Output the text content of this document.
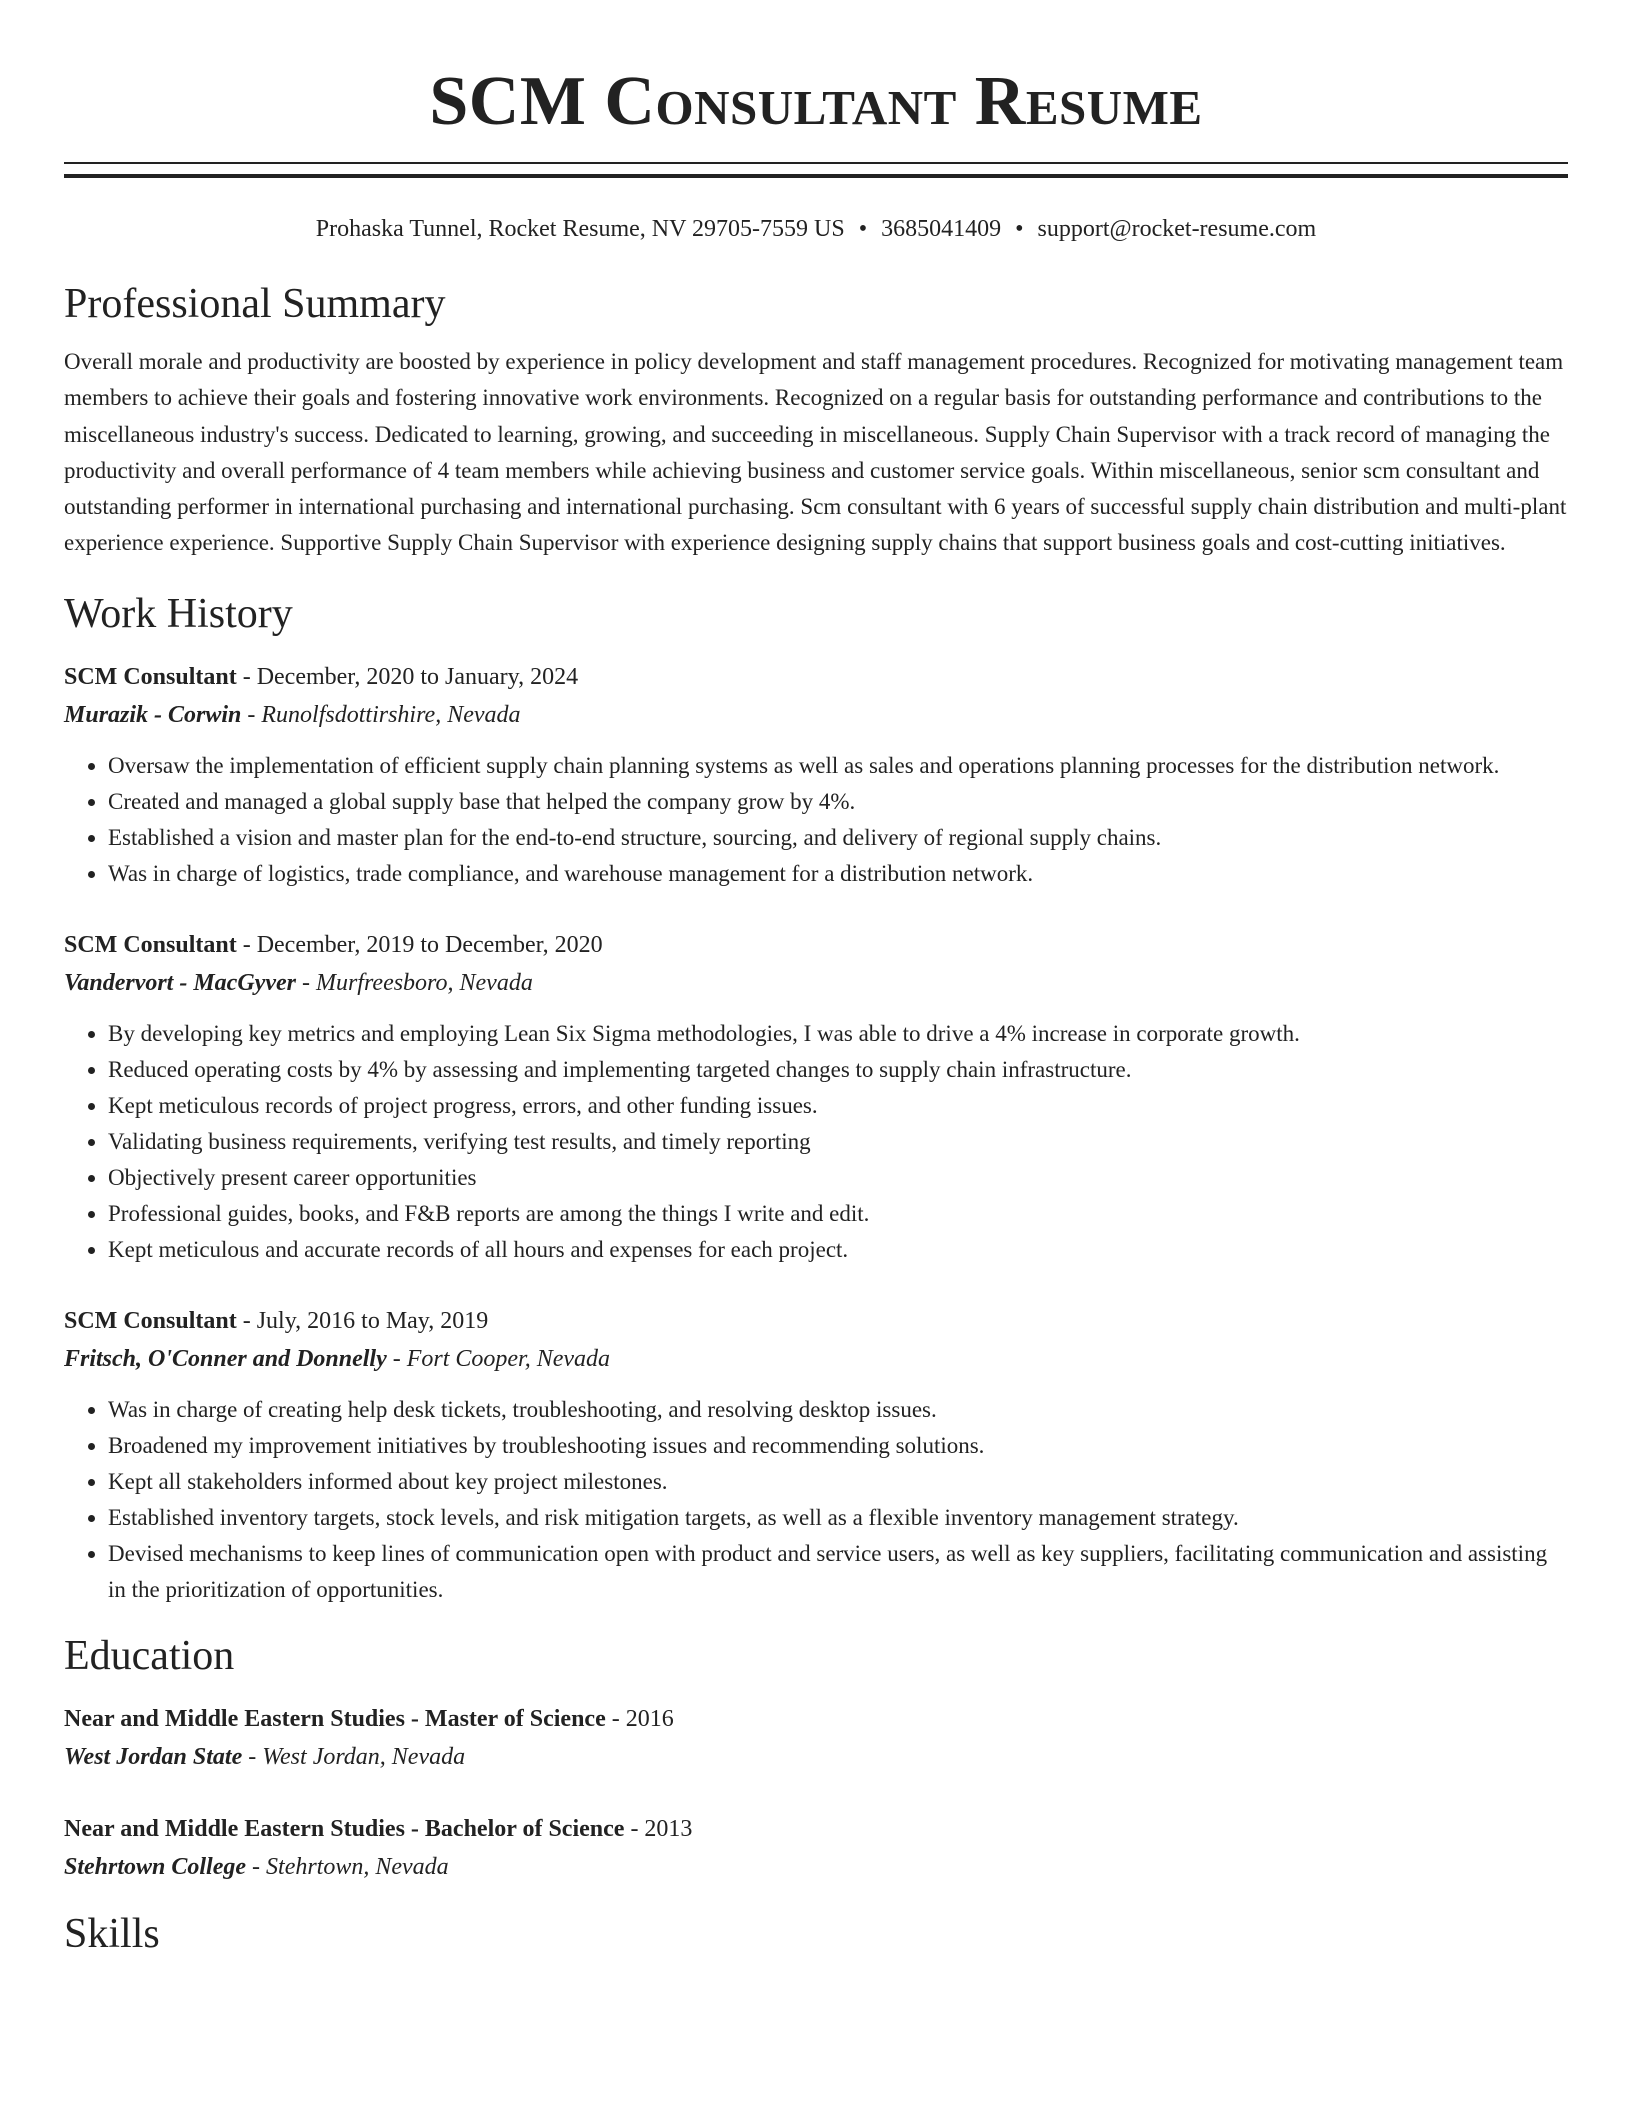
SCM Consultant Resume
Prohaska Tunnel, Rocket Resume, NV 29705-7559 US • 3685041409 • support@rocket-resume.com
Professional Summary

Overall morale and productivity are boosted by experience in policy development and staff management procedures. Recognized for motivating management team members to achieve their goals and fostering innovative work environments. Recognized on a regular basis for outstanding performance and contributions to the miscellaneous industry's success. Dedicated to learning, growing, and succeeding in miscellaneous. Supply Chain Supervisor with a track record of managing the productivity and overall performance of 4 team members while achieving business and customer service goals. Within miscellaneous, senior scm consultant and outstanding performer in international purchasing and international purchasing. Scm consultant with 6 years of successful supply chain distribution and multi-plant experience experience. Supportive Supply Chain Supervisor with experience designing supply chains that support business goals and cost-cutting initiatives.

Work History
SCM Consultant - December, 2020 to January, 2024
Murazik - Corwin - Runolfsdottirshire, Nevada
• Oversaw the implementation of efficient supply chain planning systems as well as sales and operations planning processes for the distribution network.
• Created and managed a global supply base that helped the company grow by 4%.
• Established a vision and master plan for the end-to-end structure, sourcing, and delivery of regional supply chains.
• Was in charge of logistics, trade compliance, and warehouse management for a distribution network.
SCM Consultant - December, 2019 to December, 2020
Vandervort - MacGyver - Murfreesboro, Nevada
• By developing key metrics and employing Lean Six Sigma methodologies, I was able to drive a 4% increase in corporate growth.
• Reduced operating costs by 4% by assessing and implementing targeted changes to supply chain infrastructure.
• Kept meticulous records of project progress, errors, and other funding issues.
• Validating business requirements, verifying test results, and timely reporting
• Objectively present career opportunities
• Professional guides, books, and F&B reports are among the things I write and edit.
• Kept meticulous and accurate records of all hours and expenses for each project.
SCM Consultant - July, 2016 to May, 2019
Fritsch, O'Conner and Donnelly - Fort Cooper, Nevada
• Was in charge of creating help desk tickets, troubleshooting, and resolving desktop issues.
• Broadened my improvement initiatives by troubleshooting issues and recommending solutions.
• Kept all stakeholders informed about key project milestones.
• Established inventory targets, stock levels, and risk mitigation targets, as well as a flexible inventory management strategy.
• Devised mechanisms to keep lines of communication open with product and service users, as well as key suppliers, facilitating communication and assisting in the prioritization of opportunities.
Education
Near and Middle Eastern Studies - Master of Science - 2016
West Jordan State - West Jordan, Nevada
Near and Middle Eastern Studies - Bachelor of Science - 2013
Stehrtown College - Stehrtown, Nevada
Skills
